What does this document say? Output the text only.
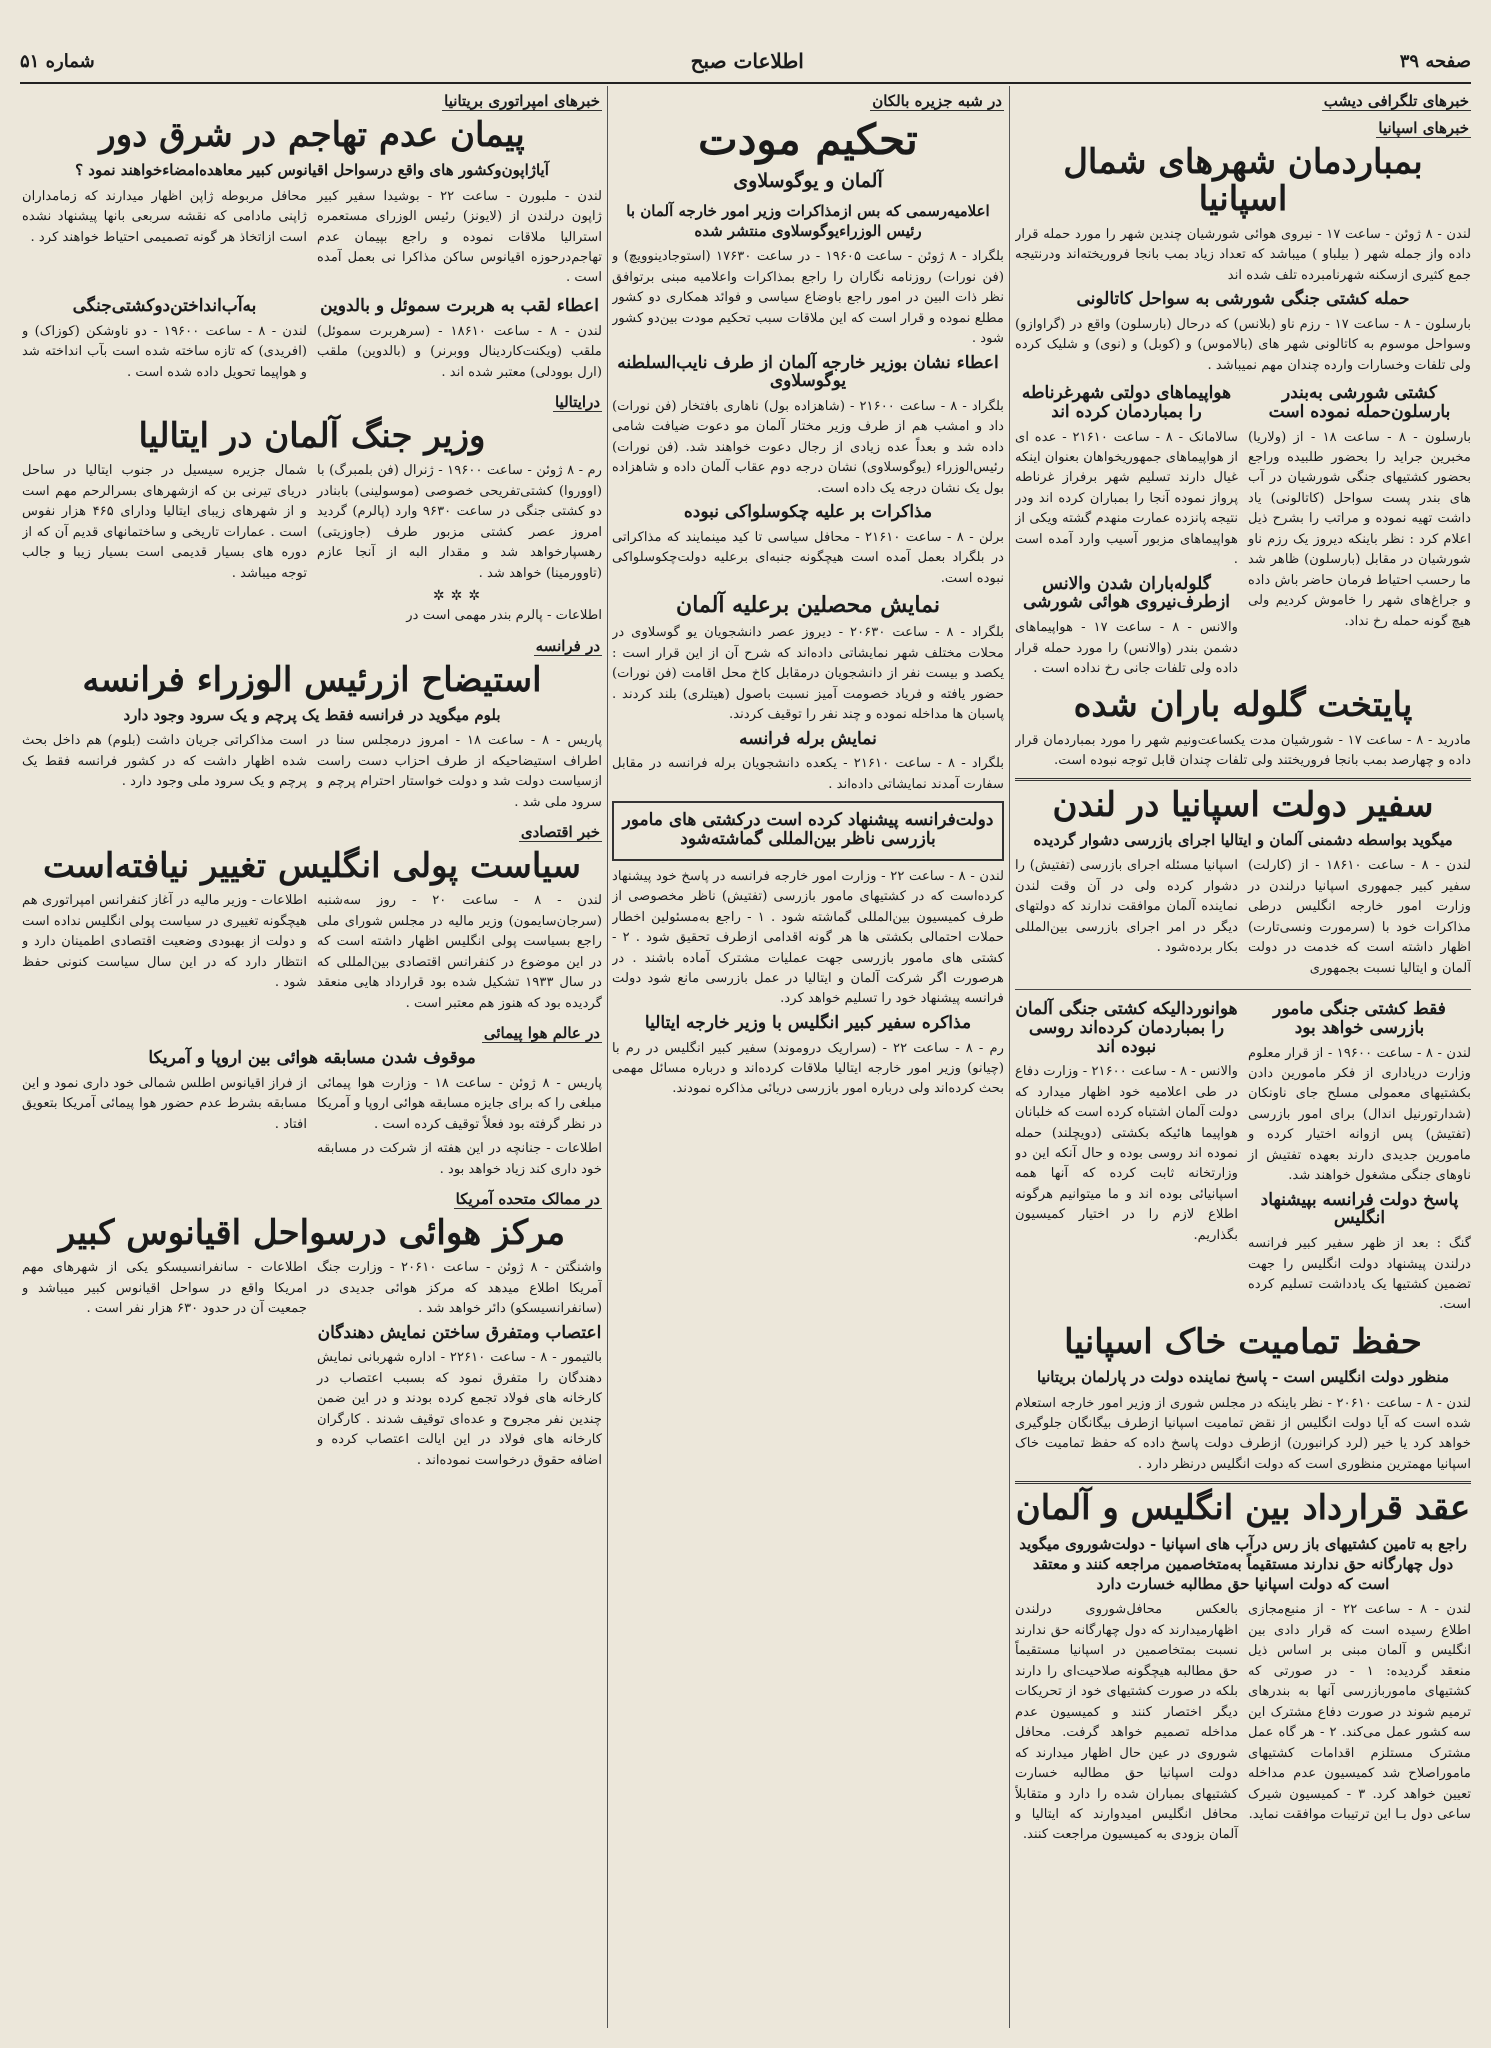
صفحه ۳۹
اطلاعات صبح
شماره ۵۱
خبرهای تلگرافی دیشب
خبرهای اسپانیا
بمباردمان شهرهای شمال اسپانیا

لندن - ۸ ژوئن - ساعت ۱۷ - نیروی هوائی شورشیان چندین شهر را مورد حمله قرار داده واز جمله شهر ( بیلباو ) میباشد که تعداد زیاد بمب بانجا فروریخته‌اند ودرنتیجه جمع کثیری ازسکنه شهرنامبرده تلف شده اند

حمله کشتی جنگی شورشی به سواحل کاتالونی

بارسلون - ۸ - ساعت ۱۷ - رزم ناو (بلانس) که درحال (بارسلون) واقع در (گراوازو) وسواحل موسوم به کاتالونی شهر های (بالاموس) و (کوبل) و (نوی) و شلیک کرده ولی تلفات وخسارات وارده چندان مهم نمیباشد .

کشتی شورشی به‌بندر بارسلون‌حمله نموده است

بارسلون - ۸ - ساعت ۱۸ - از (ولاریا) مخبرین جراید را بحضور طلبیده وراجع بحضور کشتیهای جنگی شورشیان در آب های بندر پست سواحل (کاتالونی) یاد داشت تهیه نموده و مراتب را بشرح ذیل اعلام کرد : نظر باینکه دیروز یک رزم ناو شورشیان در مقابل (بارسلون) ظاهر شد ما رحسب احتیاط فرمان حاضر باش داده و جراغ‌های شهر را خاموش کردیم ولی هیچ گونه حمله رخ نداد.

هواپیماهای دولتی شهرغرناطه را بمباردمان کرده اند

سالامانک - ۸ - ساعت ۲۱۶۱۰ - عده ای از هواپیماهای جمهوریخواهان بعنوان اینکه غیال دارند تسلیم شهر برفراز غرناطه پرواز نموده آنجا را بمباران کرده اند ودر نتیجه پانزده عمارت منهدم گشته ویکی از هواپیماهای مزبور آسیب وارد آمده است .

گلوله‌باران شدن والانس ازطرف‌نیروی هوائی شورشی

والانس - ۸ - ساعت ۱۷ - هواپیماهای دشمن بندر (والانس) را مورد حمله قرار داده ولی تلفات جانی رخ نداده است .

پایتخت گلوله باران شده

مادرید - ۸ - ساعت ۱۷ - شورشیان مدت یکساعت‌ونیم شهر را مورد بمباردمان قرار داده و چهارصد بمب بانجا فروریختند ولی تلفات چندان قابل توجه نبوده است.

سفیر دولت اسپانیا در لندن
میگوید بواسطه دشمنی آلمان و ایتالیا اجرای بازرسی دشوار گردیده

لندن - ۸ - ساعت ۱۸۶۱۰ - از (کارلت) سفیر کبیر جمهوری اسپانیا درلندن در وزارت امور خارجه انگلیس درطی مذاکرات خود با (سرمورت ونسی‌تارت) اظهار داشته است که خدمت در دولت آلمان و ایتالیا نسبت بجمهوری

اسپانیا مسئله اجرای بازرسی (تفتیش) را دشوار کرده ولی در آن وقت لندن نماینده آلمان موافقت ندارند که دولتهای دیگر در امر اجرای بازرسی بین‌المللی بکار برده‌شود .

فقط کشتی جنگی مامور بازرسی خواهد بود

لندن - ۸ - ساعت ۱۹۶۰۰ - از قرار معلوم وزارت دریاداری از فکر مامورین دادن بکشتیهای معمولی مسلح جای ناونکان (شدارتورنیل اندال) برای امور بازرسی (تفتیش) پس ازوانه اختیار کرده و مامورین جدیدی دارند بعهده تفتیش از ناوهای جنگی مشغول خواهند شد.

پاسخ دولت فرانسه بپیشنهاد انگلیس

گنگ : بعد از ظهر سفیر کبیر فرانسه درلندن پیشنهاد دولت انگلیس را جهت تضمین کشتیها یک یادداشت تسلیم کرده است.

هوانوردالیکه کشتی جنگی آلمان را بمباردمان کرده‌اند روسی نبوده اند

والانس - ۸ - ساعت ۲۱۶۰۰ - وزارت دفاع در طی اعلامیه خود اظهار میدارد که دولت آلمان اشتباه کرده است که خلبانان هواپیما هائیکه بکشتی (دویچلند) حمله نموده اند روسی بوده و حال آنکه این دو وزارتخانه ثابت کرده که آنها همه اسپانیائی بوده اند و ما میتوانیم هرگونه اطلاع لازم را در اختیار کمیسیون بگذاریم.

حفظ تمامیت خاک اسپانیا
منظور دولت انگلیس است - پاسخ نماینده دولت در پارلمان بریتانیا

لندن - ۸ - ساعت ۲۰۶۱۰ - نظر باینکه در مجلس شوری از وزیر امور خارجه استعلام شده است که آیا دولت انگلیس از نقض تمامیت اسپانیا ازطرف بیگانگان جلوگیری خواهد کرد یا خیر (لرد کرانبورن) ازطرف دولت پاسخ داده که حفظ تمامیت خاک اسپانیا مهمترین منظوری است که دولت انگلیس درنظر دارد .

عقد قرارداد بین انگلیس و آلمان
راجع به تامین کشتیهای باز رس درآب های اسپانیا - دولت‌شوروی میگوید دول چهارگانه حق ندارند مستقیماً به‌متخاصمین مراجعه کنند و معتقد است که دولت اسپانیا حق مطالبه خسارت دارد

لندن - ۸ - ساعت ۲۲ - از منبع‌مجازی اطلاع رسیده است که قرار دادی بین انگلیس و آلمان مبنی بر اساس ذیل منعقد گردیده: ۱ - در صورتی که کشتیهای ماموربازرسی آنها به بندرهای ترمیم شوند در صورت دفاع مشترک این سه کشور عمل می‌کند. ۲ - هر گاه عمل مشترک مستلزم اقدامات کشتیهای ماموراصلاح شد کمیسیون عدم مداخله تعیین خواهد کرد. ۳ - کمیسیون شیرک ساعی دول بـا این ترتیبات موافقت نماید.

بالعکس محافل‌شوروی درلندن اظهارمیدارند که دول چهارگانه حق ندارند نسبت بمتخاصمین در اسپانیا مستقیماً حق مطالبه هیچگونه صلاحیت‌ای را دارند بلکه در صورت کشتیها‌ی خود از تحریکات دیگر اختصار کنند و کمیسیون عدم مداخله تصمیم خواهد گرفت. محافل شوروی در عین حال اظهار میدارند که دولت اسپانیا حق مطالبه خسارت کشتیهای بمباران شده را دارد و متقابلاً محافل انگلیس امیدوارند که ایتالیا و آلمان بزودی به کمیسیون مراجعت کنند.

در شبه جزیره بالکان
تحکیم مودت
آلمان و یوگوسلاوی
اعلامیه‌رسمی که بس ازمذاکرات وزیر امور خارجه آلمان با رئیس الوزراءیوگوسلاوی منتشر شده

بلگراد - ۸ ژوئن - ساعت ۱۹۶۰۵ - در ساعت ۱۷۶۳۰ (استوجادینوویچ) و (فن نورات) روزنامه نگاران را راجع بمذاکرات واعلامیه مبنی برتوافق نظر ذات البین در امور راجع باوضاع سیاسی و فوائد همکاری دو کشور مطلع نموده و قرار است که این ملاقات سبب تحکیم مودت بین‌دو کشور شود .

اعطاء نشان بوزیر خارجه آلمان از طرف نایب‌السلطنه یوگوسلاوی

بلگراد - ۸ - ساعت ۲۱۶۰۰ - (شاهزاده بول) ناهاری بافتخار (فن نورات) داد و امشب هم از طرف وزیر مختار آلمان مو دعوت ضیافت شامی داده شد و بعداً عده زیادی از رجال دعوت خواهند شد. (فن نورات) رئیس‌الوزراء (یوگوسلاوی) نشان درجه دوم عقاب آلمان داده و شاهزاده بول یک نشان درجه یک داده است.

مذاکرات بر علیه چکوسلواکی نبوده

برلن - ۸ - ساعت ۲۱۶۱۰ - محافل سیاسی تا کید مینمایند که مذاکراتی در بلگراد بعمل آمده است هیچگونه جنبه‌ای برعلیه دولت‌چکوسلواکی نبوده است.

نمایش محصلین برعلیه آلمان

بلگراد - ۸ - ساعت ۲۰۶۳۰ - دیروز عصر دانشجویان یو گوسلاوی در محلات مختلف شهر نمایشاتی داده‌اند که شرح آن از این قرار است : یکصد و بیست نفر از دانشجویان درمقابل کاخ محل اقامت (فن نورات) حضور یافته و فریاد خصومت آمیز نسبت باصول (هیتلری) بلند کردند . پاسبان ها مداخله نموده و چند نفر را توقیف کردند.

نمایش برله فرانسه

بلگراد - ۸ - ساعت ۲۱۶۱۰ - یکعده دانشجویان برله فرانسه در مقابل سفارت آمدند نمایشاتی داده‌اند .

دولت‌فرانسه پیشنهاد کرده است درکشتی های مامور بازرسی ناظر بین‌المللی گماشته‌شود

لندن - ۸ - ساعت ۲۲ - وزارت امور خارجه فرانسه در پاسخ خود پیشنهاد کرده‌است که در کشتیهای مامور بازرسی (تفتیش) ناظر مخصوصی از طرف کمیسیون بین‌المللی گماشته شود . ۱ - راجع به‌مسئولین اخطار حملات احتمالی بکشتی ها هر گونه اقدامی ازطرف تحقیق شود . ۲ - کشتی های مامور بازرسی جهت عملیات مشترک آماده باشند . در هرصورت اگر شرکت آلمان و ایتالیا در عمل بازرسی مانع شود دولت فرانسه پیشنهاد خود را تسلیم خواهد کرد.

مذاکره سفیر کبیر انگلیس با وزیر خارجه ایتالیا

رم - ۸ - ساعت ۲۲ - (سراریک دروموند) سفیر کبیر انگلیس در رم با (چیانو) وزیر امور خارجه ایتالیا ملاقات کرده‌اند و درباره مسائل مهمی بحث کرده‌اند ولی درباره امور بازرسی دریائی مذاکره نمودند.

خبرهای امپراتوری بریتانیا
پیمان عدم تهاجم در شرق دور
آیاژاپون‌وکشور های واقع درسواحل اقیانوس کبیر معاهده‌امضاءخواهند نمود ؟

لندن - ملبورن - ساعت ۲۲ - بوشیدا سفیر کبیر ژاپون درلندن از (لایونز) رئیس الوزرای مستعمره استرالیا ملاقات نموده و راجع بپیمان عدم تهاجم‌درحوزه اقیانوس ساکن مذاکرا نی بعمل آمده است .

محافل مربوطه ژاپن اظهار میدارند که زمامداران ژاپنی مادامی که نقشه سربعی بانها پیشنهاد نشده است ازاتخاذ هر گونه تصمیمی احتیاط خواهند کرد .

اعطاء لقب به هربرت سموئل و بالدوین

لندن - ۸ - ساعت ۱۸۶۱۰ - (سرهربرت سموئل) ملقب (ویکنت‌کاردینال ووبرنر) و (بالدوین) ملقب (ارل بوودلی) معتبر شده اند .

به‌آب‌انداختن‌دوکشتی‌جنگی

لندن - ۸ - ساعت ۱۹۶۰۰ - دو ناوشکن (کوزاک) و (افریدی) که تازه ساخته شده است بآب انداخته شد و هواپیما تحویل داده شده است .

درایتالیا
وزیر جنگ آلمان در ایتالیا

رم - ۸ ژوئن - ساعت ۱۹۶۰۰ - ژنرال (فن بلمبرگ) با (اووروا) کشتی‌تفریحی خصوصی (موسولینی) بابنادر دو کشتی جنگی در ساعت ۹۶۳۰ وارد (پالرم) گردید امروز عصر کشتی مزبور طرف (جاوزیتی) رهسپارخواهد شد و مقدار البه از آنجا عازم (تاوورمینا) خواهد شد .

✲✲✲

اطلاعات - پالرم بندر مهمی است در

شمال جزیره سیسیل در جنوب ایتالیا در ساحل دریای تیرنی بن که ازشهرهای بسرالرحم مهم است و از شهرهای زیبای ایتالیا ودارای ۴۶۵ هزار نفوس است . عمارات تاریخی و ساختمانهای قدیم آن که از دوره های بسیار قدیمی است بسیار زیبا و جالب توجه میباشد .

در فرانسه
استیضاح ازرئیس الوزراء فرانسه
بلوم میگوید در فرانسه فقط یک پرچم و یک سرود وجود دارد

پاریس - ۸ - ساعت ۱۸ - امروز درمجلس سنا در اطراف استیضاحیکه از طرف احزاب دست راست ازسیاست دولت شد و دولت خواستار احترام پرچم و سرود ملی شد .

است مذاکراتی جریان داشت (بلوم) هم داخل بحث شده اظهار داشت که در کشور فرانسه فقط یک پرچم و یک سرود ملی وجود دارد .

خبر اقتصادی
سیاست پولی انگلیس تغییر نیافته‌است

لندن - ۸ - ساعت ۲۰ - روز سه‌شنبه (سرجان‌سایمون) وزیر مالیه در مجلس شورای ملی راجع بسیاست پولی انگلیس اظهار داشته است که در این موضوع در کنفرانس اقتصادی بین‌المللی که در سال ۱۹۳۳ تشکیل شده بود قرارداد هایی منعقد گردیده بود که هنوز هم معتبر است .

اطلاعات - وزیر مالیه در آغاز کنفرانس امپراتوری هم هیچگونه تغییری در سیاست پولی انگلیس نداده است و دولت از بهبودی وضعیت اقتصادی اطمینان دارد و انتظار دارد که در این سال سیاست کنونی حفظ شود .

در عالم هوا پیمائی
موقوف شدن مسابقه هوائی بین اروپا و آمریکا

پاریس - ۸ ژوئن - ساعت ۱۸ - وزارت هوا پیمائی مبلغی را که برای جایزه مسابقه هوائی اروپا و آمریکا در نظر گرفته بود فعلاً توقیف کرده است .

اطلاعات - جنانچه در این هفته از شرکت در مسابقه خود داری کند زیاد خواهد بود .

از فراز اقیانوس اطلس شمالی خود داری نمود و این مسابقه بشرط عدم حضور هوا پیمائی آمریکا بتعویق افتاد .

در ممالک متحده آمریکا
مرکز هوائی درسواحل اقیانوس کبیر

واشنگتن - ۸ ژوئن - ساعت ۲۰۶۱۰ - وزارت جنگ آمریکا اطلاع میدهد که مرکز هوائی جدیدی در (سانفرانسیسکو) دائر خواهد شد .

اعتصاب ومتفرق ساختن نمایش دهندگان

بالتیمور - ۸ - ساعت ۲۲۶۱۰ - اداره شهربانی نمایش دهندگان را متفرق نمود که بسبب اعتصاب در کارخانه های فولاد تجمع کرده بودند و در این ضمن چندین نفر مجروح و عده‌ای توقیف شدند . کارگران کارخانه های فولاد در این ایالت اعتصاب کرده و اضافه حقوق درخواست نموده‌اند .

اطلاعات - سانفرانسیسکو یکی از شهرهای مهم امریکا واقع در سواحل اقیانوس کبیر میباشد و جمعیت آن در حدود ۶۳۰ هزار نفر است .
